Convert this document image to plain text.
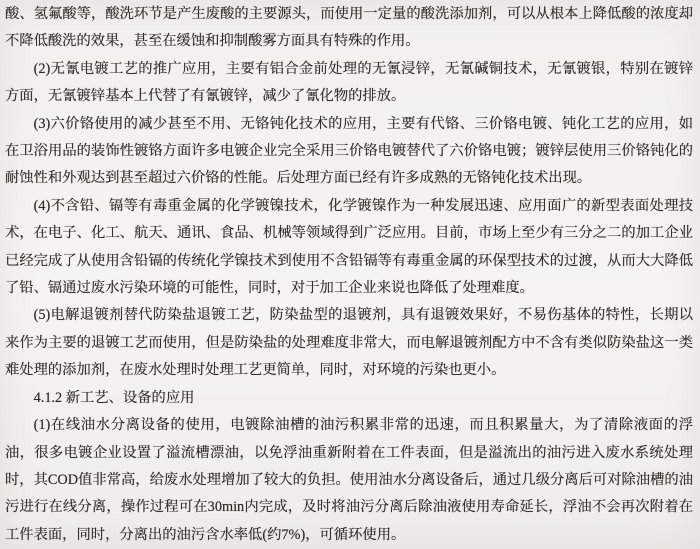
酸、氢氟酸等，酸洗环节是产生废酸的主要源头，而使用一定量的酸洗添加剂，可以从根本上降低酸的浓度却不降低酸洗的效果，甚至在缓蚀和抑制酸雾方面具有特殊的作用。

(2)无氰电镀工艺的推广应用，主要有铝合金前处理的无氰浸锌，无氰碱铜技术，无氰镀银，特别在镀锌方面，无氰镀锌基本上代替了有氰镀锌，减少了氰化物的排放。

(3)六价铬使用的减少甚至不用、无铬钝化技术的应用，主要有代铬、三价铬电镀、钝化工艺的应用，如在卫浴用品的装饰性镀铬方面许多电镀企业完全采用三价铬电镀替代了六价铬电镀；镀锌层使用三价铬钝化的耐蚀性和外观达到甚至超过六价铬的性能。后处理方面已经有许多成熟的无铬钝化技术出现。

(4)不含铅、镉等有毒重金属的化学镀镍技术，化学镀镍作为一种发展迅速、应用面广的新型表面处理技术，在电子、化工、航天、通讯、食品、机械等领域得到广泛应用。目前，市场上至少有三分之二的加工企业已经完成了从使用含铅镉的传统化学镍技术到使用不含铅镉等有毒重金属的环保型技术的过渡，从而大大降低了铅、镉通过废水污染环境的可能性，同时，对于加工企业来说也降低了处理难度。

(5)电解退镀剂替代防染盐退镀工艺，防染盐型的退镀剂，具有退镀效果好，不易伤基体的特性，长期以来作为主要的退镀工艺而使用，但是防染盐的处理难度非常大，而电解退镀剂配方中不含有类似防染盐这一类难处理的添加剂，在废水处理时处理工艺更简单，同时，对环境的污染也更小。

4.1.2 新工艺、设备的应用

(1)在线油水分离设备的使用，电镀除油槽的油污积累非常的迅速，而且积累量大，为了清除液面的浮油，很多电镀企业设置了溢流槽漂油，以免浮油重新附着在工件表面，但是溢流出的油污进入废水系统处理时，其COD值非常高，给废水处理增加了较大的负担。使用油水分离设备后，通过几级分离后可对除油槽的油污进行在线分离，操作过程可在30min内完成，及时将油污分离后除油液使用寿命延长，浮油不会再次附着在工件表面，同时，分离出的油污含水率低(约7%)，可循环使用。
